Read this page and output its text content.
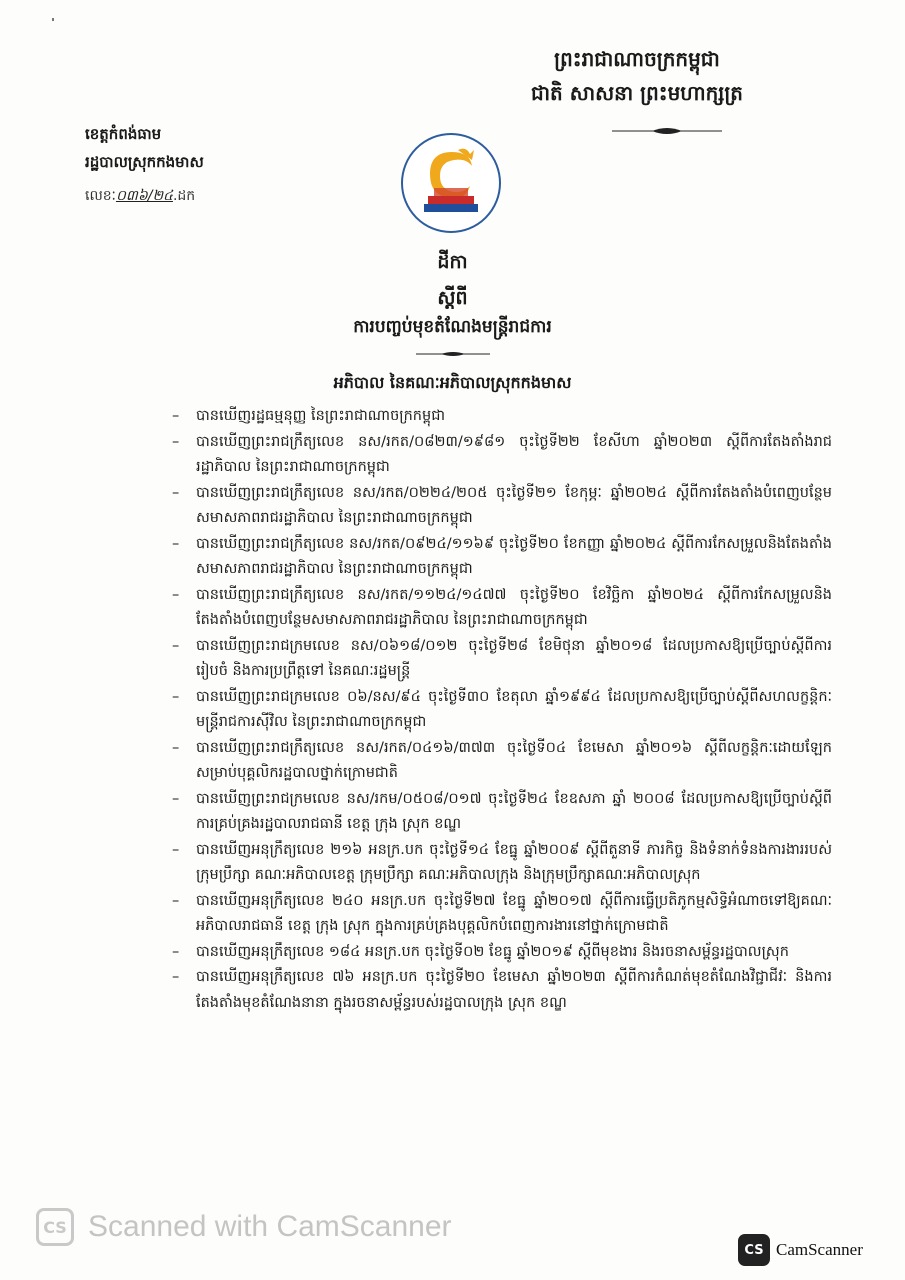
ព្រះរាជាណាចក្រកម្ពុជា
ជាតិ សាសនា ព្រះមហាក្សត្រ
ខេត្តកំពង់ធាម
រដ្ឋបាលស្រុកកងមាស
លេខៈ០៣៦/២៤.ដក
ដីកា
ស្តីពី
ការបញ្ចប់មុខតំណែងមន្ត្រីរាជការ
អភិបាល នៃគណៈអភិបាលស្រុកកងមាស
–	បានឃើញរដ្ឋធម្មនុញ្ញ នៃព្រះរាជាណាចក្រកម្ពុជា
–	បានឃើញព្រះរាជក្រឹត្យលេខ នស/រកត/០៨២៣/១៩៨១ ចុះថ្ងៃទី២២ ខែសីហា ឆ្នាំ២០២៣ ស្តីពីការតែងតាំងរាជរដ្ឋាភិបាល នៃព្រះរាជាណាចក្រកម្ពុជា
–	បានឃើញព្រះរាជក្រឹត្យលេខ នស/រកត/០២២៤/២០៥ ចុះថ្ងៃទី២១ ខែកុម្ភៈ ឆ្នាំ២០២៤ ស្តីពីការតែងតាំងបំពេញបន្ថែមសមាសភាពរាជរដ្ឋាភិបាល នៃព្រះរាជាណាចក្រកម្ពុជា
–	បានឃើញព្រះរាជក្រឹត្យលេខ នស/រកត/០៩២៤/១១៦៩ ចុះថ្ងៃទី២០ ខែកញ្ញា ឆ្នាំ២០២៤ ស្តីពីការកែសម្រួលនិងតែងតាំងសមាសភាពរាជរដ្ឋាភិបាល នៃព្រះរាជាណាចក្រកម្ពុជា
–	បានឃើញព្រះរាជក្រឹត្យលេខ នស/រកត/១១២៤/១៤៧៧ ចុះថ្ងៃទី២០ ខែវិច្ឆិកា ឆ្នាំ២០២៤ ស្តីពីការកែសម្រួលនិងតែងតាំងបំពេញបន្ថែមសមាសភាពរាជរដ្ឋាភិបាល នៃព្រះរាជាណាចក្រកម្ពុជា
–	បានឃើញព្រះរាជក្រមលេខ នស/០៦១៨/០១២ ចុះថ្ងៃទី២៨ ខែមិថុនា ឆ្នាំ២០១៨ ដែលប្រកាសឱ្យប្រើច្បាប់ស្តីពីការរៀបចំ និងការប្រព្រឹត្តទៅ នៃគណៈរដ្ឋមន្ត្រី
–	បានឃើញព្រះរាជក្រមលេខ ០៦/នស/៩៤ ចុះថ្ងៃទី៣០ ខែតុលា ឆ្នាំ១៩៩៤ ដែលប្រកាសឱ្យប្រើច្បាប់ស្តីពីសហលក្ខន្តិកៈមន្ត្រីរាជការស៊ីវិល នៃព្រះរាជាណាចក្រកម្ពុជា
–	បានឃើញព្រះរាជក្រឹត្យលេខ នស/រកត/០៤១៦/៣៧៣ ចុះថ្ងៃទី០៤ ខែមេសា ឆ្នាំ២០១៦ ស្តីពីលក្ខន្តិកៈដោយឡែកសម្រាប់បុគ្គលិករដ្ឋបាលថ្នាក់ក្រោមជាតិ
–	បានឃើញព្រះរាជក្រមលេខ នស/រកម/០៥០៨/០១៧ ចុះថ្ងៃទី២៤ ខែឧសភា ឆ្នាំ ២០០៨ ដែលប្រកាសឱ្យប្រើច្បាប់ស្តីពីការគ្រប់គ្រងរដ្ឋបាលរាជធានី ខេត្ត ក្រុង ស្រុក ខណ្ឌ
–	បានឃើញអនុក្រឹត្យលេខ ២១៦ អនក្រ.បក ចុះថ្ងៃទី១៤ ខែធ្នូ ឆ្នាំ២០០៩ ស្តីពីតួនាទី ភារកិច្ច និងទំនាក់ទំនងការងាររបស់ក្រុមប្រឹក្សា គណៈអភិបាលខេត្ត ក្រុមប្រឹក្សា គណៈអភិបាលក្រុង និងក្រុមប្រឹក្សាគណៈអភិបាលស្រុក
–	បានឃើញអនុក្រឹត្យលេខ ២៤០ អនក្រ.បក ចុះថ្ងៃទី២៧ ខែធ្នូ ឆ្នាំ២០១៧ ស្តីពីការធ្វើប្រតិភូកម្មសិទ្ធិអំណាចទៅឱ្យគណៈអភិបាលរាជធានី ខេត្ត ក្រុង ស្រុក ក្នុងការគ្រប់គ្រងបុគ្គលិកបំពេញការងារនៅថ្នាក់ក្រោមជាតិ
–	បានឃើញអនុក្រឹត្យលេខ ១៨៤ អនក្រ.បក ចុះថ្ងៃទី០២ ខែធ្នូ ឆ្នាំ២០១៩ ស្តីពីមុខងារ និងរចនាសម្ព័ន្ធរដ្ឋបាលស្រុក
–	បានឃើញអនុក្រឹត្យលេខ ៧៦ អនក្រ.បក ចុះថ្ងៃទី២០ ខែមេសា ឆ្នាំ២០២៣ ស្តីពីការកំណត់មុខតំណែងវិជ្ជាជីវៈ និងការតែងតាំងមុខតំណែងនានា ក្នុងរចនាសម្ព័ន្ធរបស់រដ្ឋបាលក្រុង ស្រុក ខណ្ឌ
CS Scanned with CamScanner
CS CamScanner
